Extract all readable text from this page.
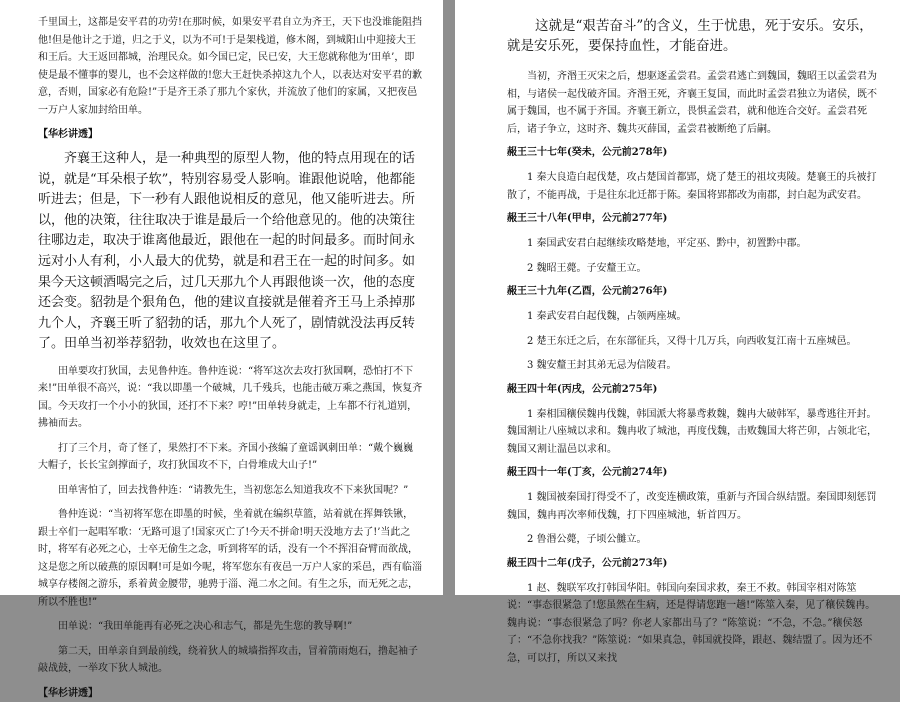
千里国土，这都是安平君的功劳!在那时候，如果安平君自立为齐王，天下也没谁能阻挡他!但是他计之于道，归之于义，以为不可!于是架栈道，修木阁，到城阳山中迎接大王和王后。大王返回都城，治理民众。如今国已定，民已安，大王您就称他为‘田单’，即使是最不懂事的婴儿，也不会这样做的!您大王赶快杀掉这九个人，以表达对安平君的歉意，否则，国家必有危险!”于是齐王杀了那九个家伙，并流放了他们的家属，又把夜邑一万户人家加封给田单。

【华杉讲透】

齐襄王这种人，是一种典型的原型人物，他的特点用现在的话说，就是“耳朵根子软”，特别容易受人影响。谁跟他说啥，他都能听进去；但是，下一秒有人跟他说相反的意见，他又能听进去。所以，他的决策，往往取决于谁是最后一个给他意见的。他的决策往往哪边走，取决于谁离他最近，跟他在一起的时间最多。而时间永远对小人有利，小人最大的优势，就是和君王在一起的时间多。如果今天这顿酒喝完之后，过几天那九个人再跟他谈一次，他的态度还会变。貂勃是个狠角色，他的建议直接就是催着齐王马上杀掉那九个人，齐襄王听了貂勃的话，那九个人死了，剧情就没法再反转了。田单当初举荐貂勃，收效也在这里了。

田单要攻打狄国，去见鲁仲连。鲁仲连说：“将军这次去攻打狄国啊，恐怕打不下来!”田单很不高兴，说：“我以即墨一个破城，几千残兵，也能击破万乘之燕国，恢复齐国。今天攻打一个小小的狄国，还打不下来？哼!”田单转身就走，上车都不行礼道别，拂袖而去。

打了三个月，奇了怪了，果然打不下来。齐国小孩编了童谣讽刺田单：“戴个巍巍大帽子，长长宝剑撑面子，攻打狄国攻不下，白骨堆成大山子!”

田单害怕了，回去找鲁仲连：“请教先生，当初您怎么知道我攻不下来狄国呢？”

鲁仲连说：“当初将军您在即墨的时候，坐着就在编织草篮，站着就在挥舞铁锹，跟士卒们一起唱军歌：‘无路可退了!国家灭亡了!今天不拼命!明天没地方去了!’当此之时，将军有必死之心，士卒无偷生之念，听到将军的话，没有一个不挥泪奋臂而欲战，这是您之所以破燕的原因啊!可是如今呢，将军您东有夜邑一万户人家的采邑，西有临淄城享存楼阁之游乐，系着黄金腰带，驰骋于淄、渑二水之间。有生之乐，而无死之志，所以不胜也!”

田单说：“我田单能再有必死之决心和志气，都是先生您的教导啊!”

第二天，田单亲自到最前线，绕着狄人的城墙指挥攻击，冒着箭雨炮石，撸起袖子敲战鼓，一举攻下狄人城池。

【华杉讲透】

这就是“艰苦奋斗”的含义，生于忧患，死于安乐。安乐，就是安乐死，要保持血性，才能奋进。

当初，齐湣王灭宋之后，想驱逐孟尝君。孟尝君逃亡到魏国，魏昭王以孟尝君为相，与诸侯一起伐破齐国。齐湣王死，齐襄王复国，而此时孟尝君独立为诸侯，既不属于魏国，也不属于齐国。齐襄王新立，畏惧孟尝君，就和他连合交好。孟尝君死后，诸子争立，这时齐、魏共灭薛国，孟尝君被断绝了后嗣。

赧王三十七年(癸未，公元前278年)

1 秦大良造白起伐楚，攻占楚国首都郢，烧了楚王的祖坟夷陵。楚襄王的兵被打散了，不能再战，于是往东北迁都于陈。秦国将郢都改为南郡，封白起为武安君。

赧王三十八年(甲申，公元前277年)

1 秦国武安君白起继续攻略楚地，平定巫、黔中，初置黔中郡。

2 魏昭王薨。子安釐王立。

赧王三十九年(乙酉，公元前276年)

1 秦武安君白起伐魏，占领两座城。

2 楚王东迁之后，在东部征兵，又得十几万兵，向西收复江南十五座城邑。

3 魏安釐王封其弟无忌为信陵君。

赧王四十年(丙戌，公元前275年)

1 秦相国穰侯魏冉伐魏，韩国派大将暴鸢救魏，魏冉大破韩军，暴鸢逃往开封。魏国割让八座城以求和。魏冉收了城池，再度伐魏，击败魏国大将芒卯，占领北宅，魏国又割让温邑以求和。

赧王四十一年(丁亥，公元前274年)

1 魏国被秦国打得受不了，改变连横政策，重新与齐国合纵结盟。秦国即刻惩罚魏国，魏冉再次率师伐魏，打下四座城池，斩首四万。

2 鲁湣公薨，子顷公雠立。

赧王四十二年(戊子，公元前273年)

1 赵、魏联军攻打韩国华阳。韩国向秦国求救，秦王不救。韩国宰相对陈筮说：“事态很紧急了!您虽然在生病，还是得请您跑一趟!”陈筮入秦，见了穰侯魏冉。魏冉说：“事态很紧急了吗？你老人家都出马了？”陈筮说：“不急，不急。”穰侯怒了：“不急你找我？”陈筮说：“如果真急，韩国就投降，跟赵、魏结盟了。因为还不急，可以打，所以又来找
